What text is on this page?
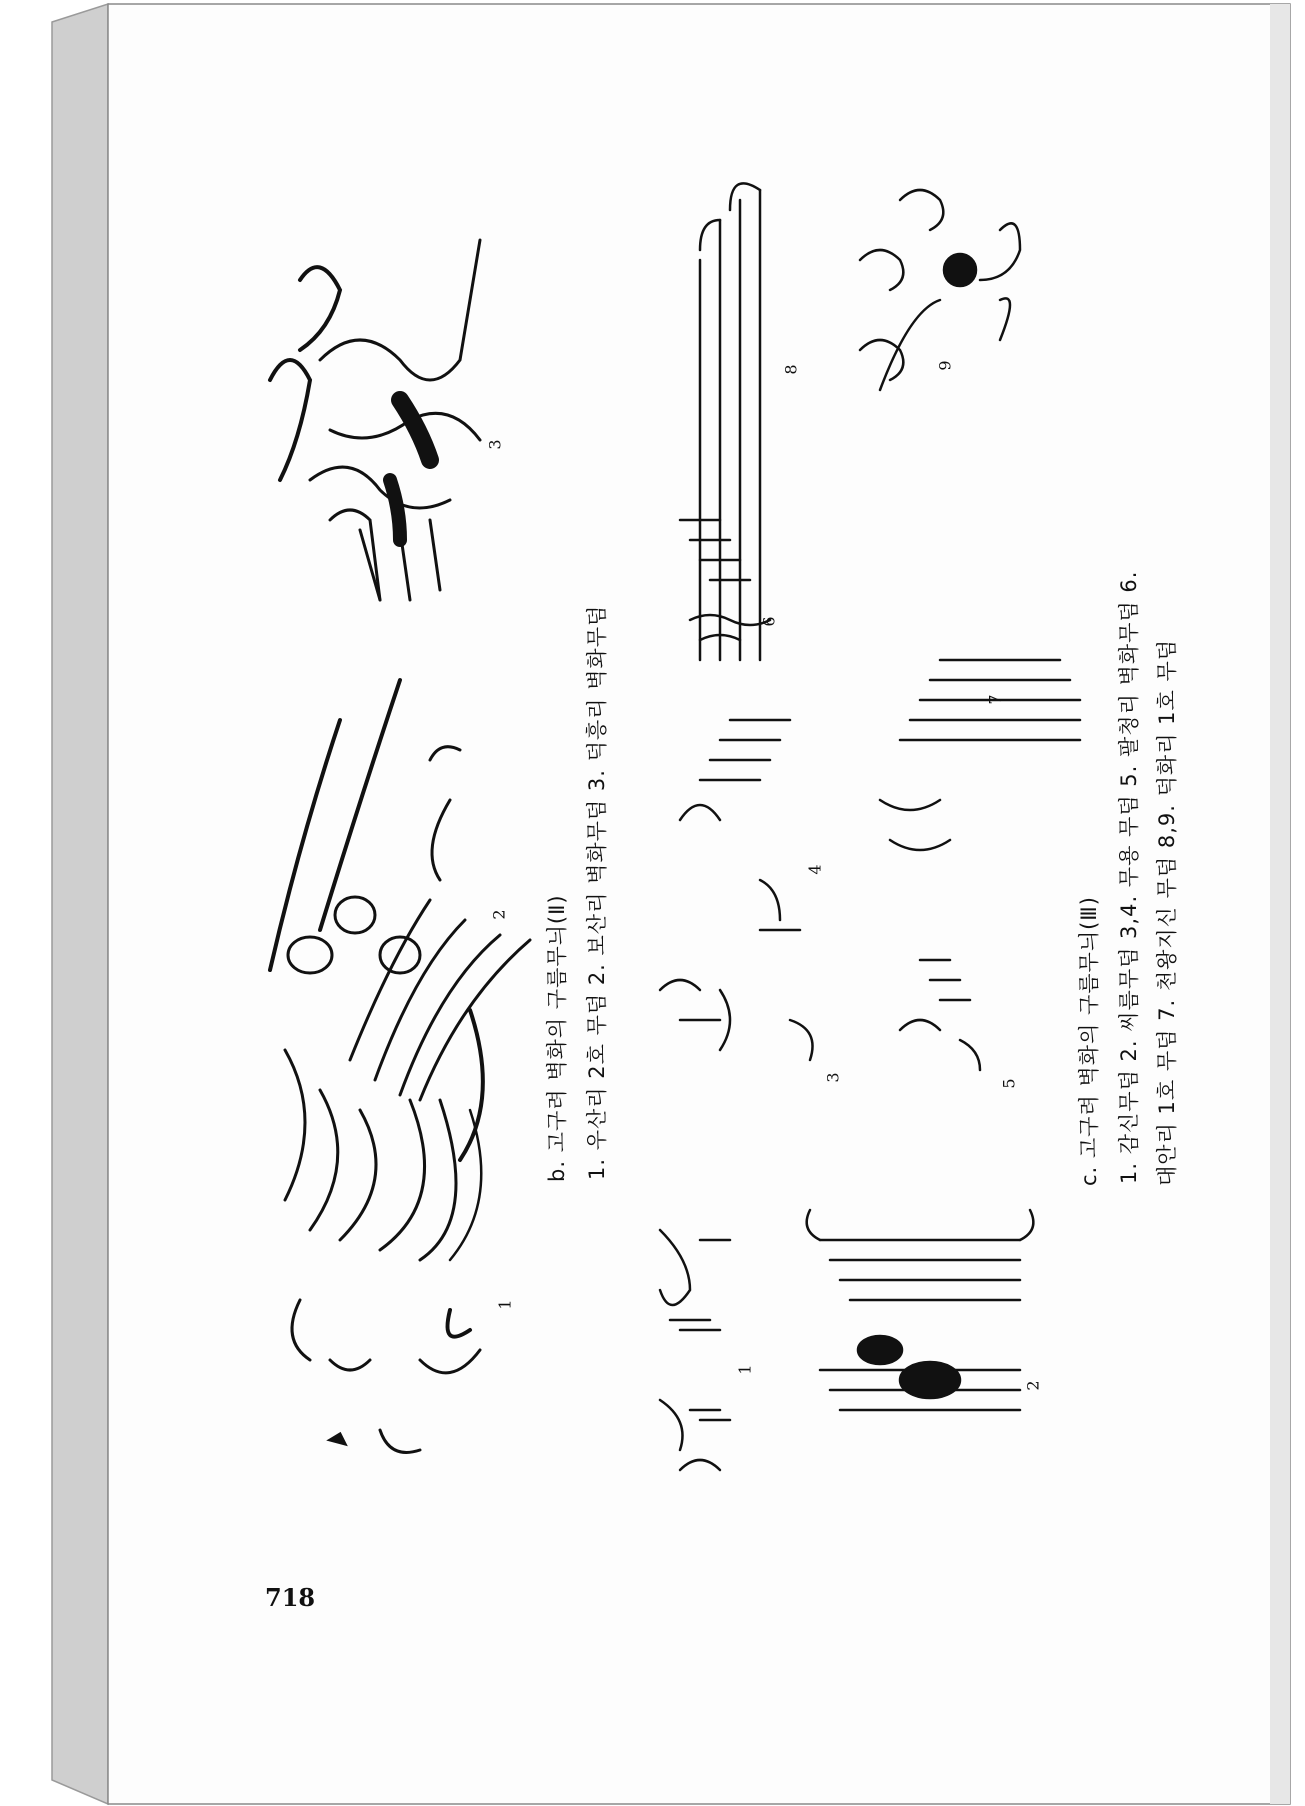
1
2
3
1
2
3
4
5
6
7
8	9
b. 고구려 벽화의 구름무늬(Ⅱ) 1. 우산리 2호 무덤 2. 보산리 벽화무덤 3. 덕흥리 벽화무덤	c. 고구려 벽화의 구름무늬(Ⅲ) 1. 감신무덤 2. 씨름무덤 3,4. 무용 무덤 5. 팔청리 벽화무덤 6. 대안리 1호 무덤 7. 천왕지신 무덤 8,9. 덕화리 1호 무덤
718
